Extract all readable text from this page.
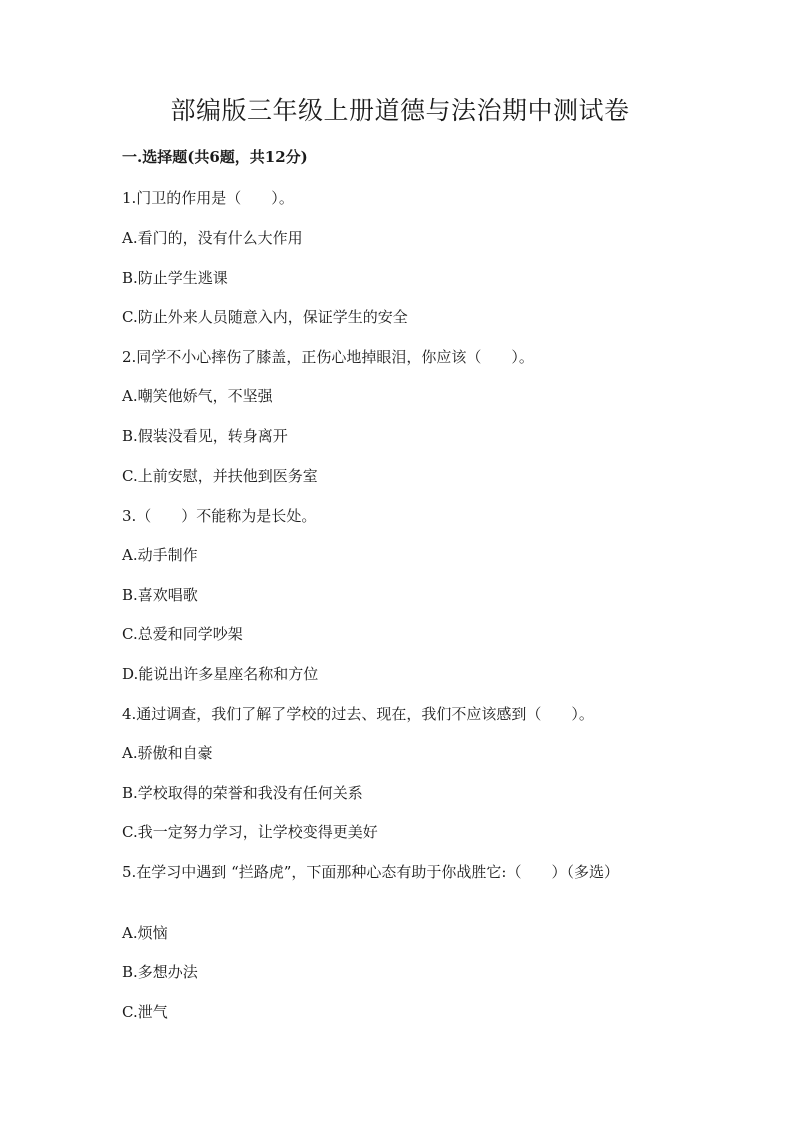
部编版三年级上册道德与法治期中测试卷

一.选择题(共6题，共12分)

1.门卫的作用是（　　）。

A.看门的，没有什么大作用

B.防止学生逃课

C.防止外来人员随意入内，保证学生的安全

2.同学不小心摔伤了膝盖，正伤心地掉眼泪，你应该（　　）。

A.嘲笑他娇气，不坚强

B.假装没看见，转身离开

C.上前安慰，并扶他到医务室

3.（　　）不能称为是长处。

A.动手制作

B.喜欢唱歌

C.总爱和同学吵架

D.能说出许多星座名称和方位

4.通过调查，我们了解了学校的过去、现在，我们不应该感到（　　）。

A.骄傲和自豪

B.学校取得的荣誉和我没有任何关系

C.我一定努力学习，让学校变得更美好

5.在学习中遇到 “拦路虎”，下面那种心态有助于你战胜它:（　　）（多选）

A.烦恼

B.多想办法

C.泄气
